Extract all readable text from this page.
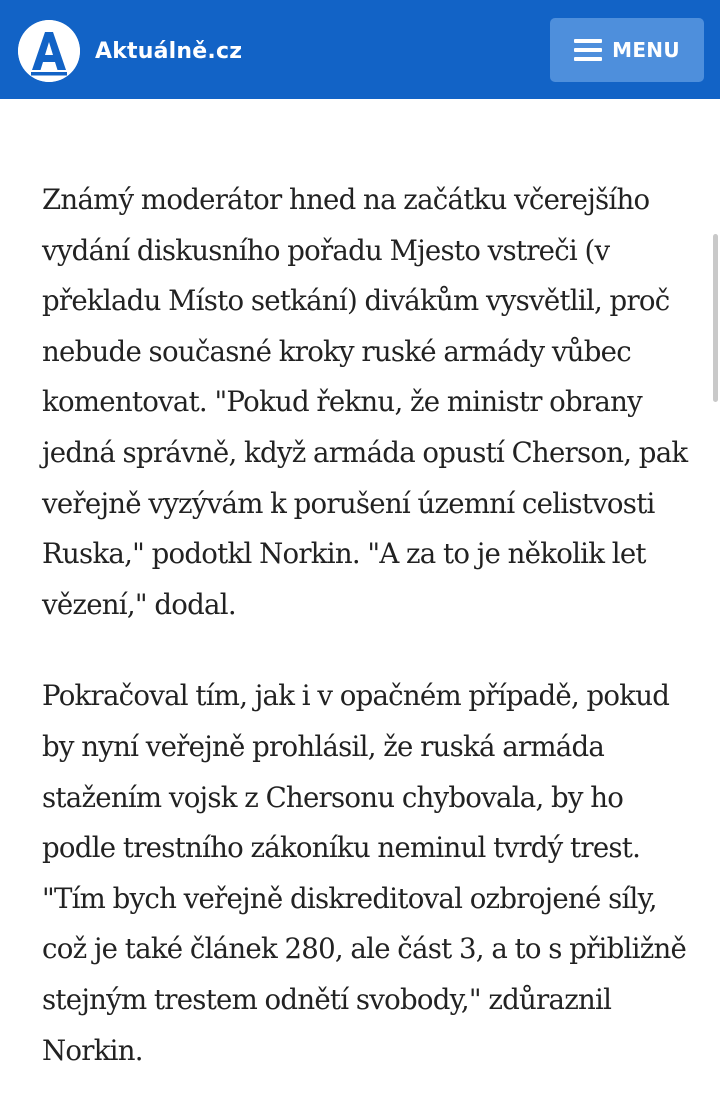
Aktuálně.cz	MENU

Známý moderátor hned na začátku včerejšího vydání diskusního pořadu Mjesto vstreči (v překladu Místo setkání) divákům vysvětlil, proč nebude současné kroky ruské armády vůbec komentovat. "Pokud řeknu, že ministr obrany jedná správně, když armáda opustí Cherson, pak veřejně vyzývám k porušení územní celistvosti Ruska," podotkl Norkin. "A za to je několik let vězení," dodal.

Pokračoval tím, jak i v opačném případě, pokud by nyní veřejně prohlásil, že ruská armáda stažením vojsk z Chersonu chybovala, by ho podle trestního zákoníku neminul tvrdý trest. "Tím bych veřejně diskreditoval ozbrojené síly, což je také článek 280, ale část 3, a to s přibližně stejným trestem odnětí svobody," zdůraznil Norkin.
